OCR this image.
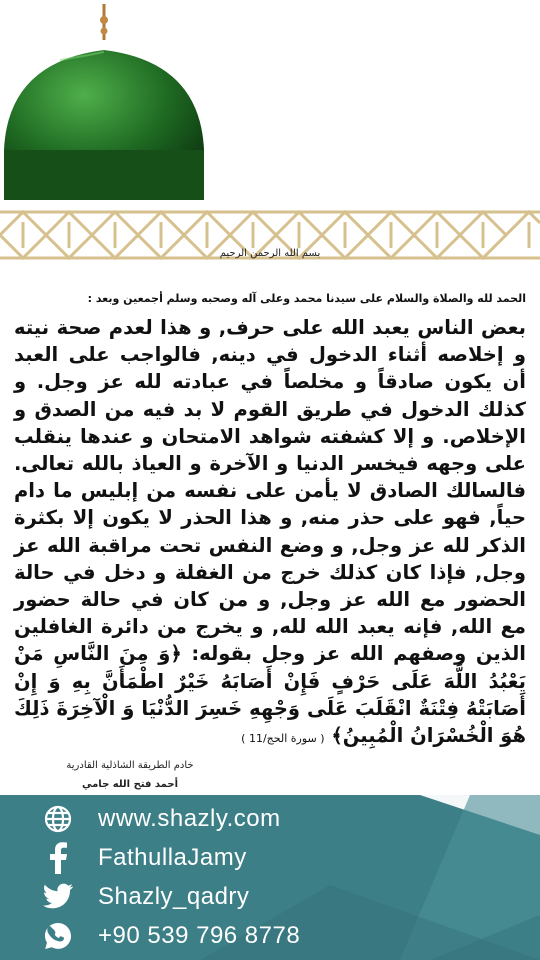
بسم الله الرحمن الرحيم
الحمد لله والصلاة والسلام على سيدنا محمد وعلى آله وصحبه وسلم أجمعين وبعد :

بعض الناس يعبد الله على حرف, و هذا لعدم صحة نيته و إخلاصه أثناء الدخول في دينه, فالواجب على العبد أن يكون صادقاً و مخلصاً في عبادته لله عز وجل. و كذلك الدخول في طريق القوم لا بد فيه من الصدق و الإخلاص. و إلا كشفته شواهد الامتحان و عندها ينقلب على وجهه فيخسر الدنيا و الآخرة و العياذ بالله تعالى. فالسالك الصادق لا يأمن على نفسه من إبليس ما دام حياً, فهو على حذر منه, و هذا الحذر لا يكون إلا بكثرة الذكر لله عز وجل, و وضع النفس تحت مراقبة الله عز وجل, فإذا كان كذلك خرج من الغفلة و دخل في حالة الحضور مع الله عز وجل, و من كان في حالة حضور مع الله, فإنه يعبد الله لله, و يخرج من دائرة الغافلين الذين وصفهم الله عز وجل بقوله: ﴿وَ مِنَ النَّاسِ مَنْ يَعْبُدُ اللَّهَ عَلَى حَرْفٍ فَإِنْ أَصَابَهُ خَيْرٌ اطْمَأَنَّ بِهِ وَ إِنْ أَصَابَتْهُ فِتْنَةٌ انْقَلَبَ عَلَى وَجْهِهِ خَسِرَ الدُّنْيَا وَ الْآخِرَةَ ذَلِكَ هُوَ الْخُسْرَانُ الْمُبِينُ﴾ ( سورة الحج/11 )

خادم الطريقة الشاذلية القادرية
أحمد فتح الله جامي
www.shazly.com
FathullaJamy
Shazly_qadry
+90 539 796 8778
